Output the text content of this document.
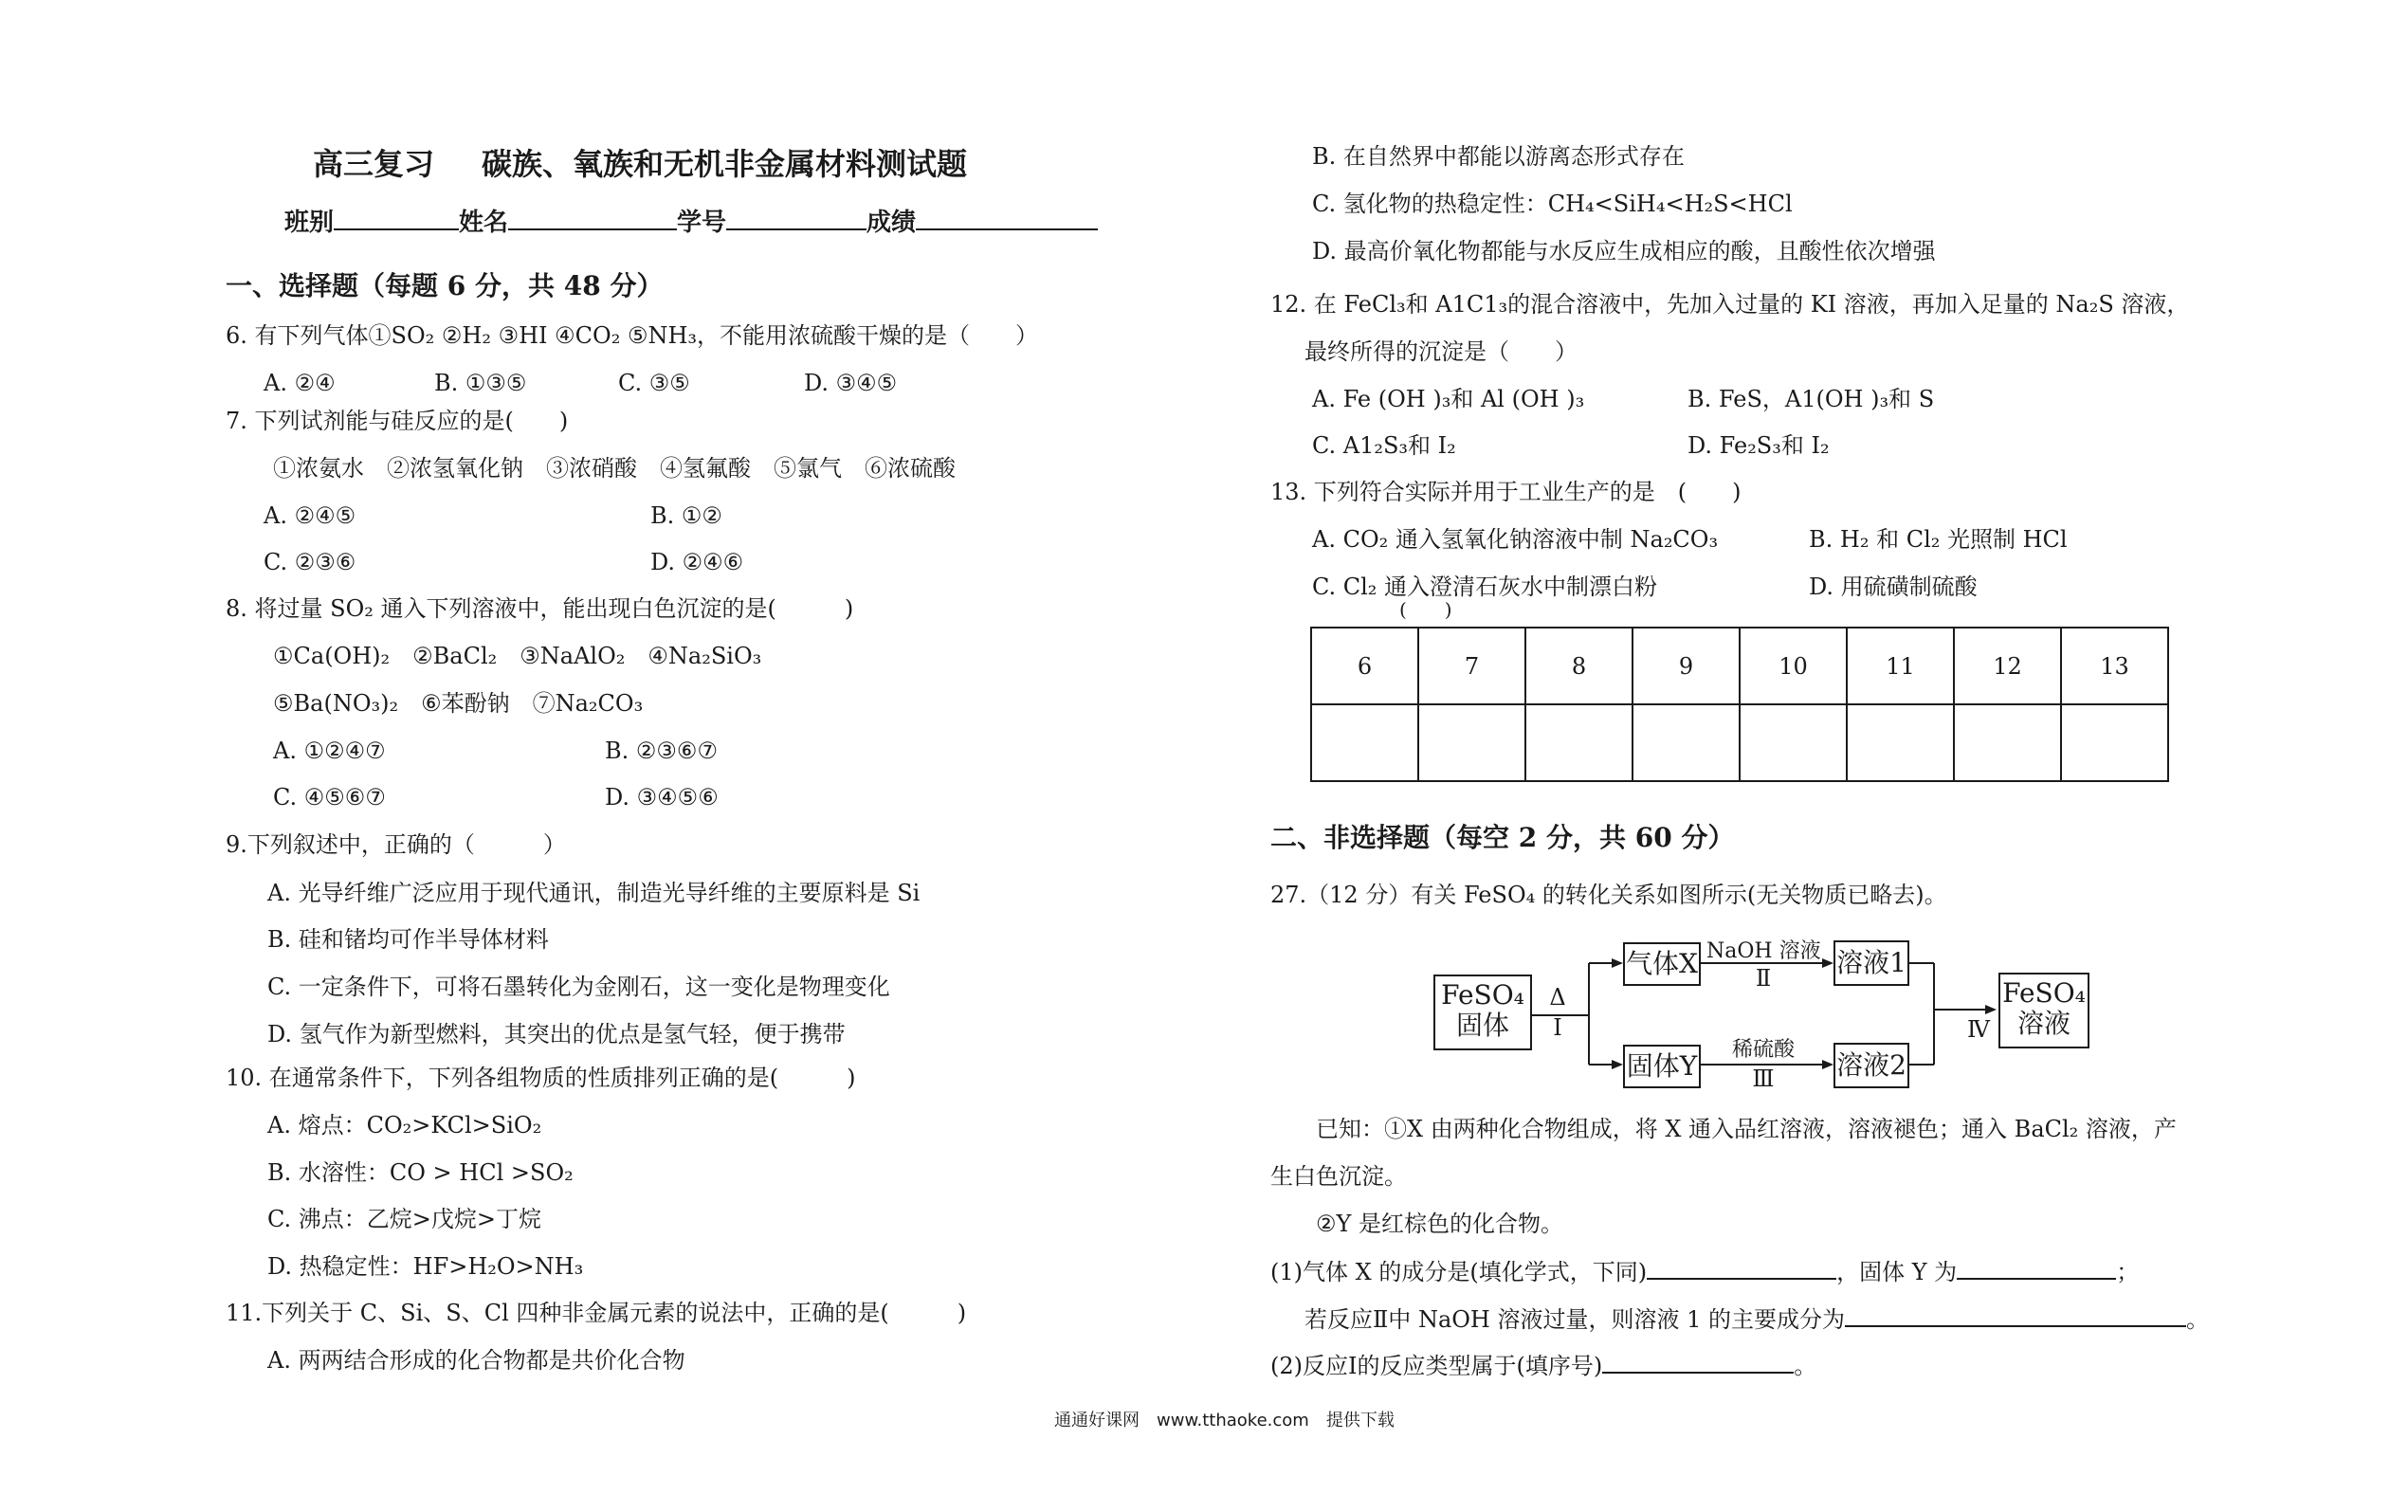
高三复习 碳族、氧族和无机非金属材料测试题
班别	姓名	学号	成绩
一、选择题（每题 6 分，共 48 分）
6. 有下列气体①SO₂ ②H₂ ③HI ④CO₂ ⑤NH₃，不能用浓硫酸干燥的是（　　）
A. ②④	B. ①③⑤	C. ③⑤	D. ③④⑤
7. 下列试剂能与硅反应的是(　　)
①浓氨水　②浓氢氧化钠　③浓硝酸　④氢氟酸　⑤氯气　⑥浓硫酸
A. ②④⑤	B. ①②
C. ②③⑥	D. ②④⑥
8. 将过量 SO₂ 通入下列溶液中，能出现白色沉淀的是(　　　)
①Ca(OH)₂　②BaCl₂　③NaAlO₂　④Na₂SiO₃
⑤Ba(NO₃)₂　⑥苯酚钠　⑦Na₂CO₃
A. ①②④⑦	B. ②③⑥⑦
C. ④⑤⑥⑦	D. ③④⑤⑥
9.下列叙述中，正确的（　　　）
A. 光导纤维广泛应用于现代通讯，制造光导纤维的主要原料是 Si
B. 硅和锗均可作半导体材料
C. 一定条件下，可将石墨转化为金刚石，这一变化是物理变化
D. 氢气作为新型燃料，其突出的优点是氢气轻，便于携带
10. 在通常条件下，下列各组物质的性质排列正确的是(　　　)
A. 熔点：CO₂>KCl>SiO₂
B. 水溶性：CO > HCl >SO₂
C. 沸点：乙烷>戊烷>丁烷
D. 热稳定性：HF>H₂O>NH₃
11.下列关于 C、Si、S、Cl 四种非金属元素的说法中，正确的是(　　　)
A. 两两结合形成的化合物都是共价化合物
B. 在自然界中都能以游离态形式存在
C. 氢化物的热稳定性：CH₄<SiH₄<H₂S<HCl
D. 最高价氧化物都能与水反应生成相应的酸，且酸性依次增强
12. 在 FeCl₃和 A1C1₃的混合溶液中，先加入过量的 KI 溶液，再加入足量的 Na₂S 溶液，
最终所得的沉淀是（　　）
A. Fe (OH )₃和 Al (OH )₃	B. FeS，A1(OH )₃和 S
C. A1₂S₃和 I₂	D. Fe₂S₃和 I₂
13. 下列符合实际并用于工业生产的是　(　　)
A. CO₂ 通入氢氧化钠溶液中制 Na₂CO₃	B. H₂ 和 Cl₂ 光照制 HCl
C. Cl₂ 通入澄清石灰水中制漂白粉	D. 用硫磺制硫酸
(　　)
6	7	8	9	10	11	12	13

二、非选择题（每空 2 分，共 60 分）
27.（12 分）有关 FeSO₄ 的转化关系如图所示(无关物质已略去)。
FeSO₄
固体
Δ
Ⅰ
气体X
固体Y
NaOH 溶液
Ⅱ
稀硫酸
Ⅲ
溶液1
溶液2
Ⅳ
FeSO₄
溶液
已知：①X 由两种化合物组成，将 X 通入品红溶液，溶液褪色；通入 BaCl₂ 溶液，产
生白色沉淀。
②Y 是红棕色的化合物。
(1)气体 X 的成分是(填化学式，下同)	，固体 Y 为	；
若反应Ⅱ中 NaOH 溶液过量，则溶液 1 的主要成分为	。
(2)反应Ⅰ的反应类型属于(填序号)	。
通通好课网　www.tthaoke.com　提供下载
